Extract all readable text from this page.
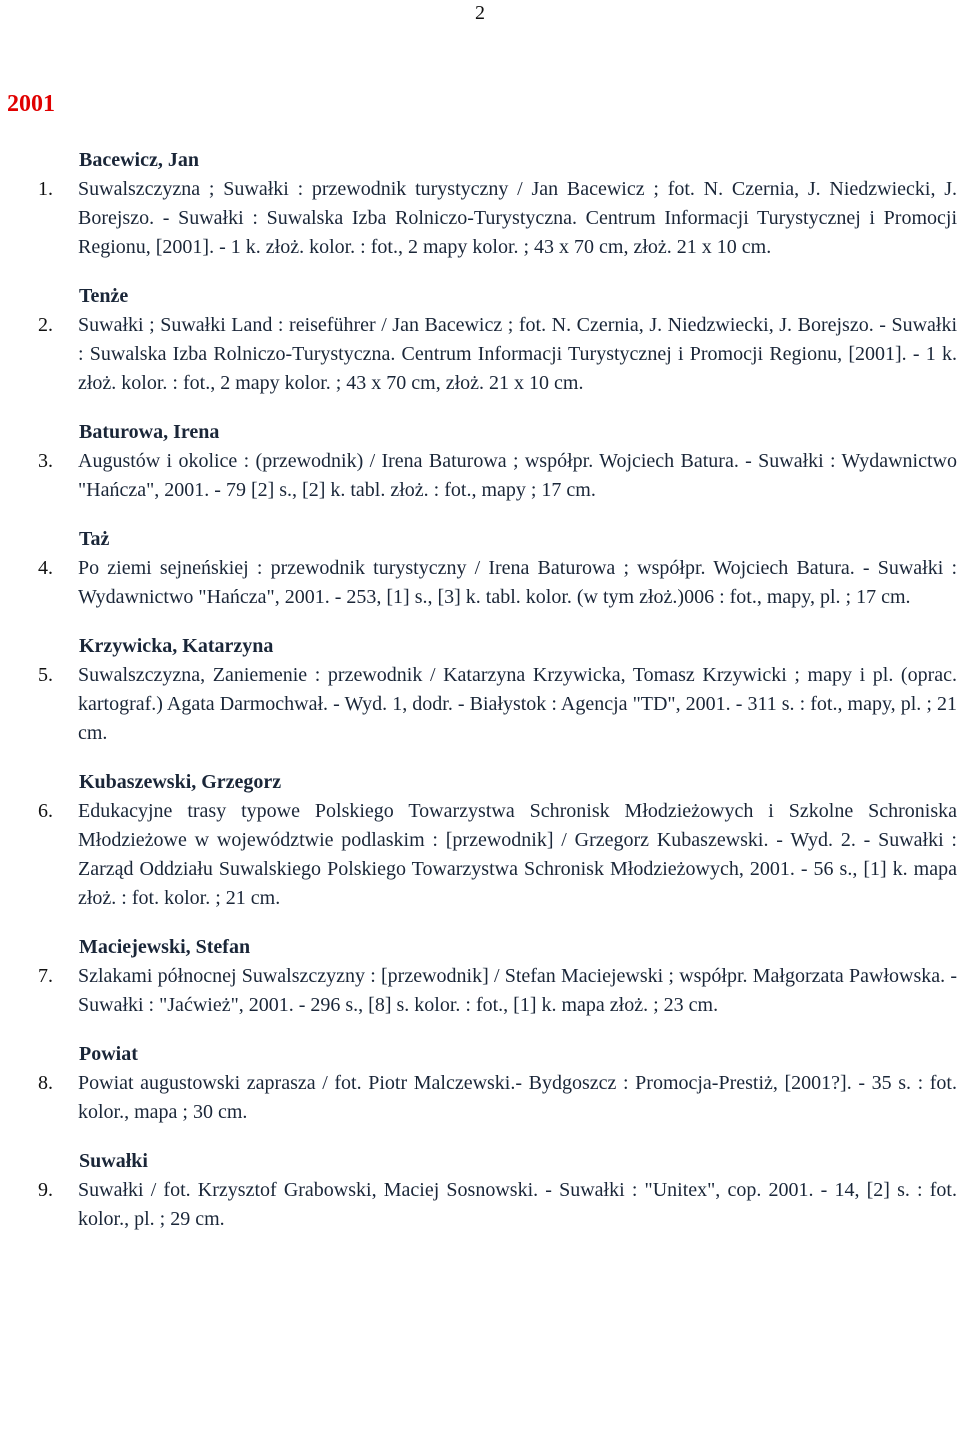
2
2001
Bacewicz, Jan
1.	Suwalszczyzna ; Suwałki : przewodnik turystyczny / Jan Bacewicz ; fot. N. Czernia, J. Niedzwiecki, J. Borejszo. - Suwałki : Suwalska Izba Rolniczo-Turystyczna. Centrum Informacji Turystycznej i Promocji Regionu, [2001]. - 1 k. złoż. kolor. : fot., 2 mapy kolor. ; 43 x 70 cm, złoż. 21 x 10 cm.
Tenże
2.	Suwałki ; Suwałki Land : reiseführer / Jan Bacewicz ; fot. N. Czernia, J. Niedzwiecki, J. Borejszo. - Suwałki : Suwalska Izba Rolniczo-Turystyczna. Centrum Informacji Turystycznej i Promocji Regionu, [2001]. - 1 k. złoż. kolor. : fot., 2 mapy kolor. ; 43 x 70 cm, złoż. 21 x 10 cm.
Baturowa, Irena
3.	Augustów i okolice : (przewodnik) / Irena Baturowa ; współpr. Wojciech Batura. - Suwałki : Wydawnictwo "Hańcza", 2001. - 79 [2] s., [2] k. tabl. złoż. : fot., mapy ; 17 cm.
Taż
4.	Po ziemi sejneńskiej : przewodnik turystyczny / Irena Baturowa ; współpr. Wojciech Batura. - Suwałki : Wydawnictwo "Hańcza", 2001. - 253, [1] s., [3] k. tabl. kolor. (w tym złoż.)006 : fot., mapy, pl. ; 17 cm.
Krzywicka, Katarzyna
5.	Suwalszczyzna, Zaniemenie : przewodnik / Katarzyna Krzywicka, Tomasz Krzywicki ; mapy i pl. (oprac. kartograf.) Agata Darmochwał. - Wyd. 1, dodr. - Białystok : Agencja "TD", 2001. - 311 s. : fot., mapy, pl. ; 21 cm.
Kubaszewski, Grzegorz
6.	Edukacyjne trasy typowe Polskiego Towarzystwa Schronisk Młodzieżowych i Szkolne Schroniska Młodzieżowe w województwie podlaskim : [przewodnik] / Grzegorz Kubaszewski. - Wyd. 2. - Suwałki : Zarząd Oddziału Suwalskiego Polskiego Towarzystwa Schronisk Młodzieżowych, 2001. - 56 s., [1] k. mapa złoż. : fot. kolor. ; 21 cm.
Maciejewski, Stefan
7.	Szlakami północnej Suwalszczyzny : [przewodnik] / Stefan Maciejewski ; współpr. Małgorzata Pawłowska. - Suwałki : "Jaćwież", 2001. - 296 s., [8] s. kolor. : fot., [1] k. mapa złoż. ; 23 cm.
Powiat
8.	Powiat augustowski zaprasza / fot. Piotr Malczewski.- Bydgoszcz : Promocja-Prestiż, [2001?]. - 35 s. : fot. kolor., mapa ; 30 cm.
Suwałki
9.	Suwałki / fot. Krzysztof Grabowski, Maciej Sosnowski. - Suwałki : "Unitex", cop. 2001. - 14, [2] s. : fot. kolor., pl. ; 29 cm.
